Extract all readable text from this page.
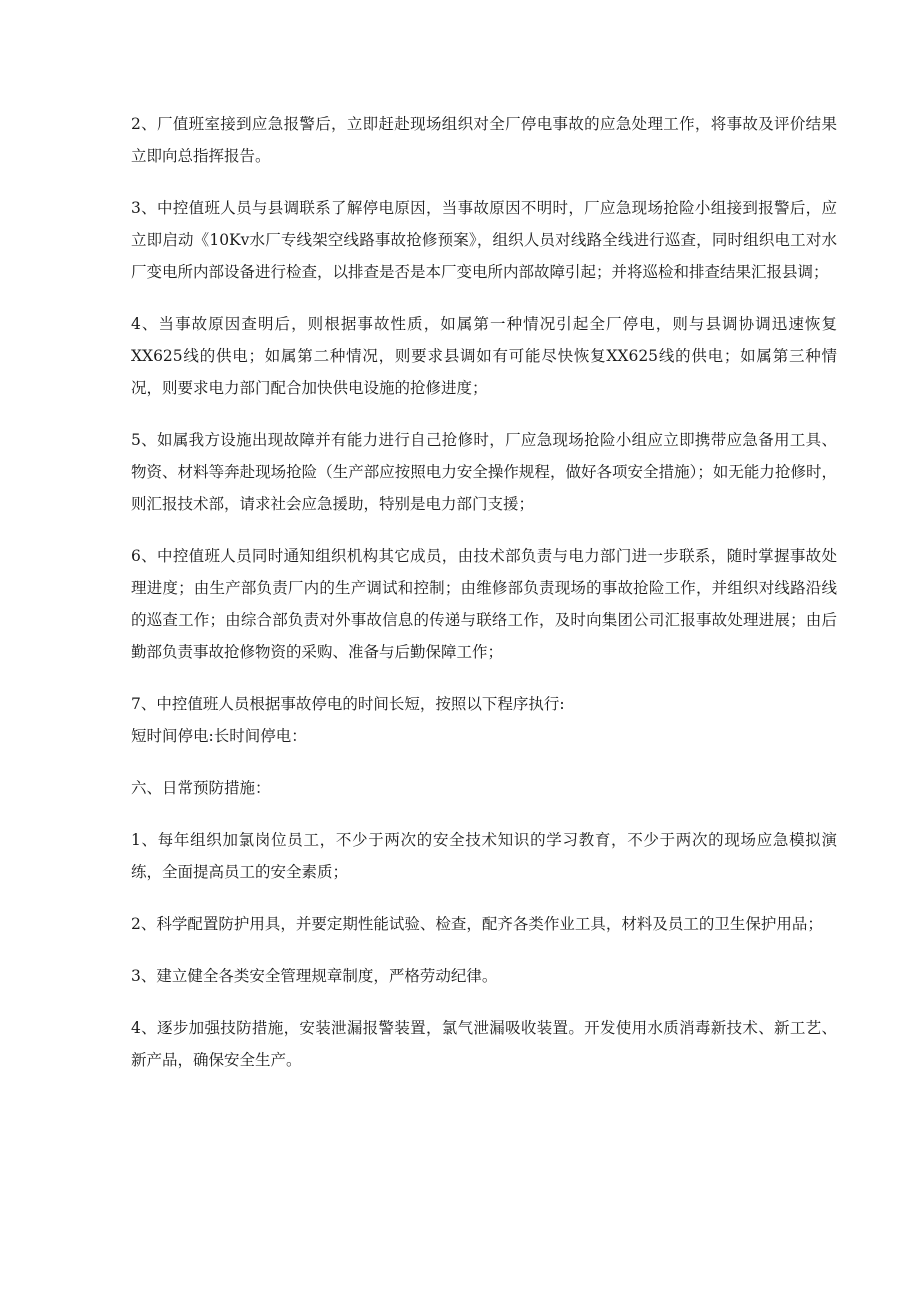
2、厂值班室接到应急报警后，立即赶赴现场组织对全厂停电事故的应急处理工作，将事故及评价结果立即向总指挥报告。

3、中控值班人员与县调联系了解停电原因，当事故原因不明时，厂应急现场抢险小组接到报警后，应立即启动《10Kv水厂专线架空线路事故抢修预案》，组织人员对线路全线进行巡查，同时组织电工对水厂变电所内部设备进行检查，以排查是否是本厂变电所内部故障引起；并将巡检和排查结果汇报县调；

4、当事故原因查明后，则根据事故性质，如属第一种情况引起全厂停电，则与县调协调迅速恢复XX625线的供电；如属第二种情况，则要求县调如有可能尽快恢复XX625线的供电；如属第三种情况，则要求电力部门配合加快供电设施的抢修进度；

5、如属我方设施出现故障并有能力进行自己抢修时，厂应急现场抢险小组应立即携带应急备用工具、物资、材料等奔赴现场抢险（生产部应按照电力安全操作规程，做好各项安全措施）；如无能力抢修时，则汇报技术部，请求社会应急援助，特别是电力部门支援；

6、中控值班人员同时通知组织机构其它成员，由技术部负责与电力部门进一步联系，随时掌握事故处理进度；由生产部负责厂内的生产调试和控制；由维修部负责现场的事故抢险工作，并组织对线路沿线的巡查工作；由综合部负责对外事故信息的传递与联络工作，及时向集团公司汇报事故处理进展；由后勤部负责事故抢修物资的采购、准备与后勤保障工作；

7、中控值班人员根据事故停电的时间长短，按照以下程序执行:

短时间停电:长时间停电：

六、日常预防措施：

1、每年组织加氯岗位员工，不少于两次的安全技术知识的学习教育，不少于两次的现场应急模拟演练，全面提高员工的安全素质；

2、科学配置防护用具，并要定期性能试验、检查，配齐各类作业工具，材料及员工的卫生保护用品；

3、建立健全各类安全管理规章制度，严格劳动纪律。

4、逐步加强技防措施，安装泄漏报警装置，氯气泄漏吸收装置。开发使用水质消毒新技术、新工艺、新产品，确保安全生产。
